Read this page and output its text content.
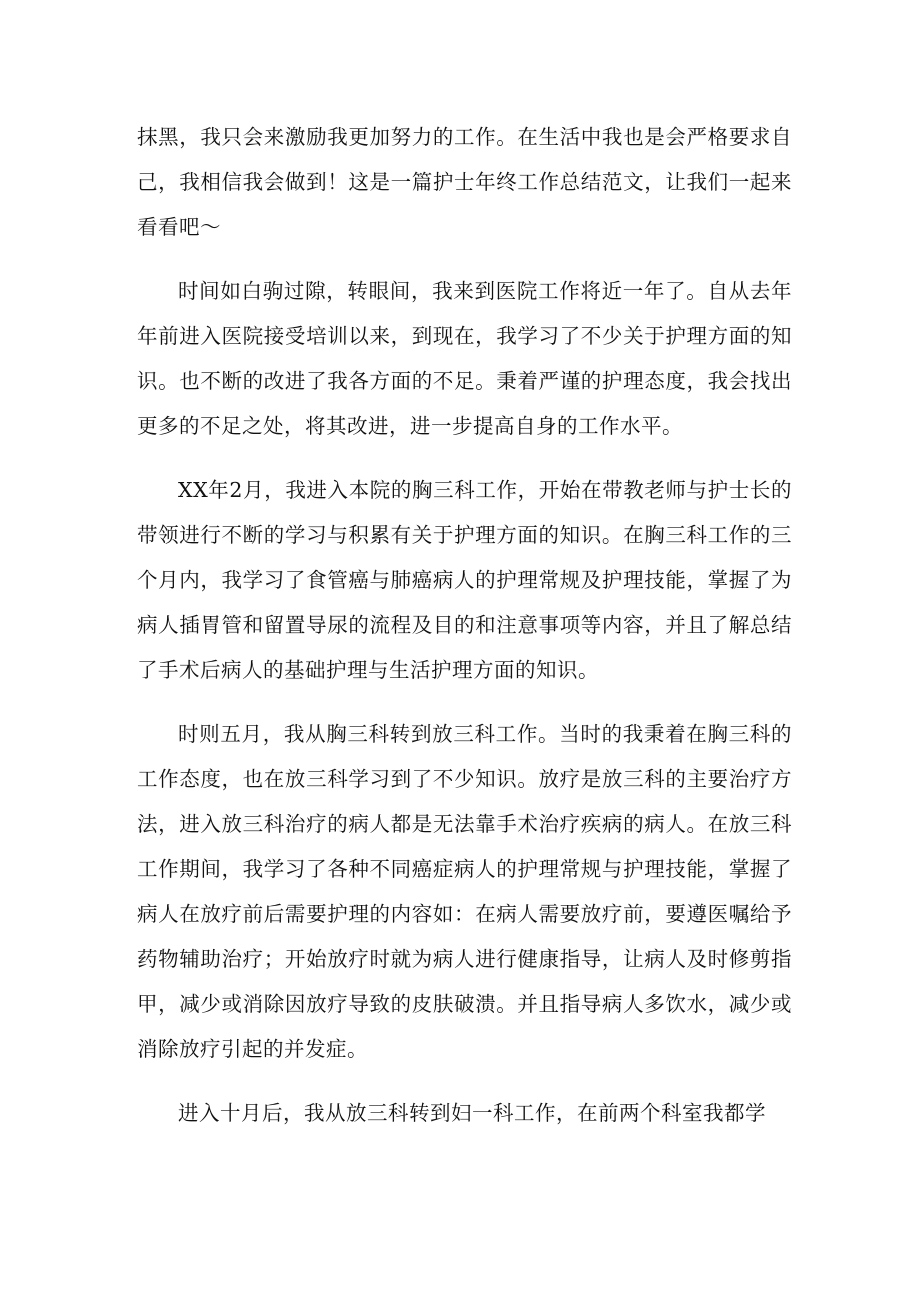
抹黑，我只会来激励我更加努力的工作。在生活中我也是会严格要求自己，我相信我会做到！这是一篇护士年终工作总结范文，让我们一起来看看吧～

时间如白驹过隙，转眼间，我来到医院工作将近一年了。自从去年年前进入医院接受培训以来，到现在，我学习了不少关于护理方面的知识。也不断的改进了我各方面的不足。秉着严谨的护理态度，我会找出更多的不足之处，将其改进，进一步提高自身的工作水平。

XX年2月，我进入本院的胸三科工作，开始在带教老师与护士长的带领进行不断的学习与积累有关于护理方面的知识。在胸三科工作的三个月内，我学习了食管癌与肺癌病人的护理常规及护理技能，掌握了为病人插胃管和留置导尿的流程及目的和注意事项等内容，并且了解总结了手术后病人的基础护理与生活护理方面的知识。

时则五月，我从胸三科转到放三科工作。当时的我秉着在胸三科的工作态度，也在放三科学习到了不少知识。放疗是放三科的主要治疗方法，进入放三科治疗的病人都是无法靠手术治疗疾病的病人。在放三科工作期间，我学习了各种不同癌症病人的护理常规与护理技能，掌握了病人在放疗前后需要护理的内容如：在病人需要放疗前，要遵医嘱给予药物辅助治疗；开始放疗时就为病人进行健康指导，让病人及时修剪指甲，减少或消除因放疗导致的皮肤破溃。并且指导病人多饮水，减少或消除放疗引起的并发症。

进入十月后，我从放三科转到妇一科工作，在前两个科室我都学
